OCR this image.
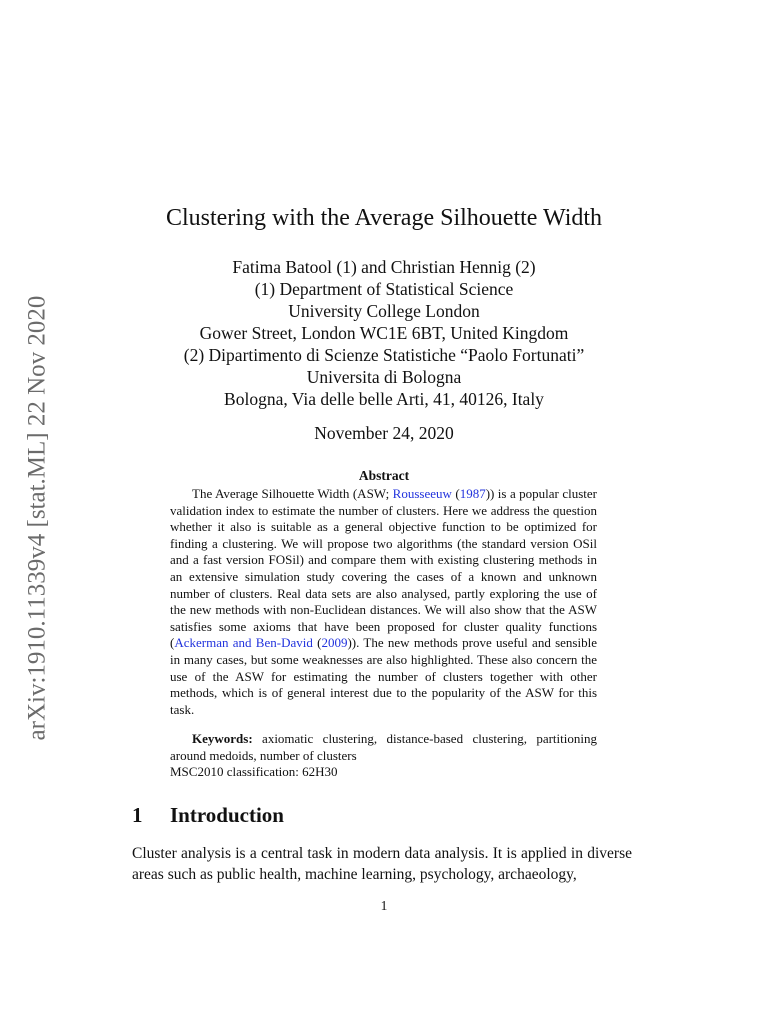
arXiv:1910.11339v4 [stat.ML] 22 Nov 2020
Clustering with the Average Silhouette Width
Fatima Batool (1) and Christian Hennig (2)
(1) Department of Statistical Science
University College London
Gower Street, London WC1E 6BT, United Kingdom
(2) Dipartimento di Scienze Statistiche “Paolo Fortunati”
Universita di Bologna
Bologna, Via delle belle Arti, 41, 40126, Italy
November 24, 2020
Abstract

The Average Silhouette Width (ASW; Rousseeuw (1987)) is a popular cluster validation index to estimate the number of clusters. Here we address the question whether it also is suitable as a general objective function to be optimized for finding a clustering. We will propose two algorithms (the standard version OSil and a fast version FOSil) and compare them with existing clustering methods in an extensive simulation study covering the cases of a known and unknown number of clusters. Real data sets are also analysed, partly exploring the use of the new methods with non-Euclidean distances. We will also show that the ASW satisfies some axioms that have been proposed for cluster quality functions (Ackerman and Ben-David (2009)). The new methods prove useful and sensible in many cases, but some weaknesses are also highlighted. These also concern the use of the ASW for estimating the number of clusters together with other methods, which is of general interest due to the popularity of the ASW for this task.

Keywords: axiomatic clustering, distance-based clustering, partitioning around medoids, number of clusters

MSC2010 classification: 62H30
1 Introduction

Cluster analysis is a central task in modern data analysis. It is applied in diverse areas such as public health, machine learning, psychology, archaeology,

1
